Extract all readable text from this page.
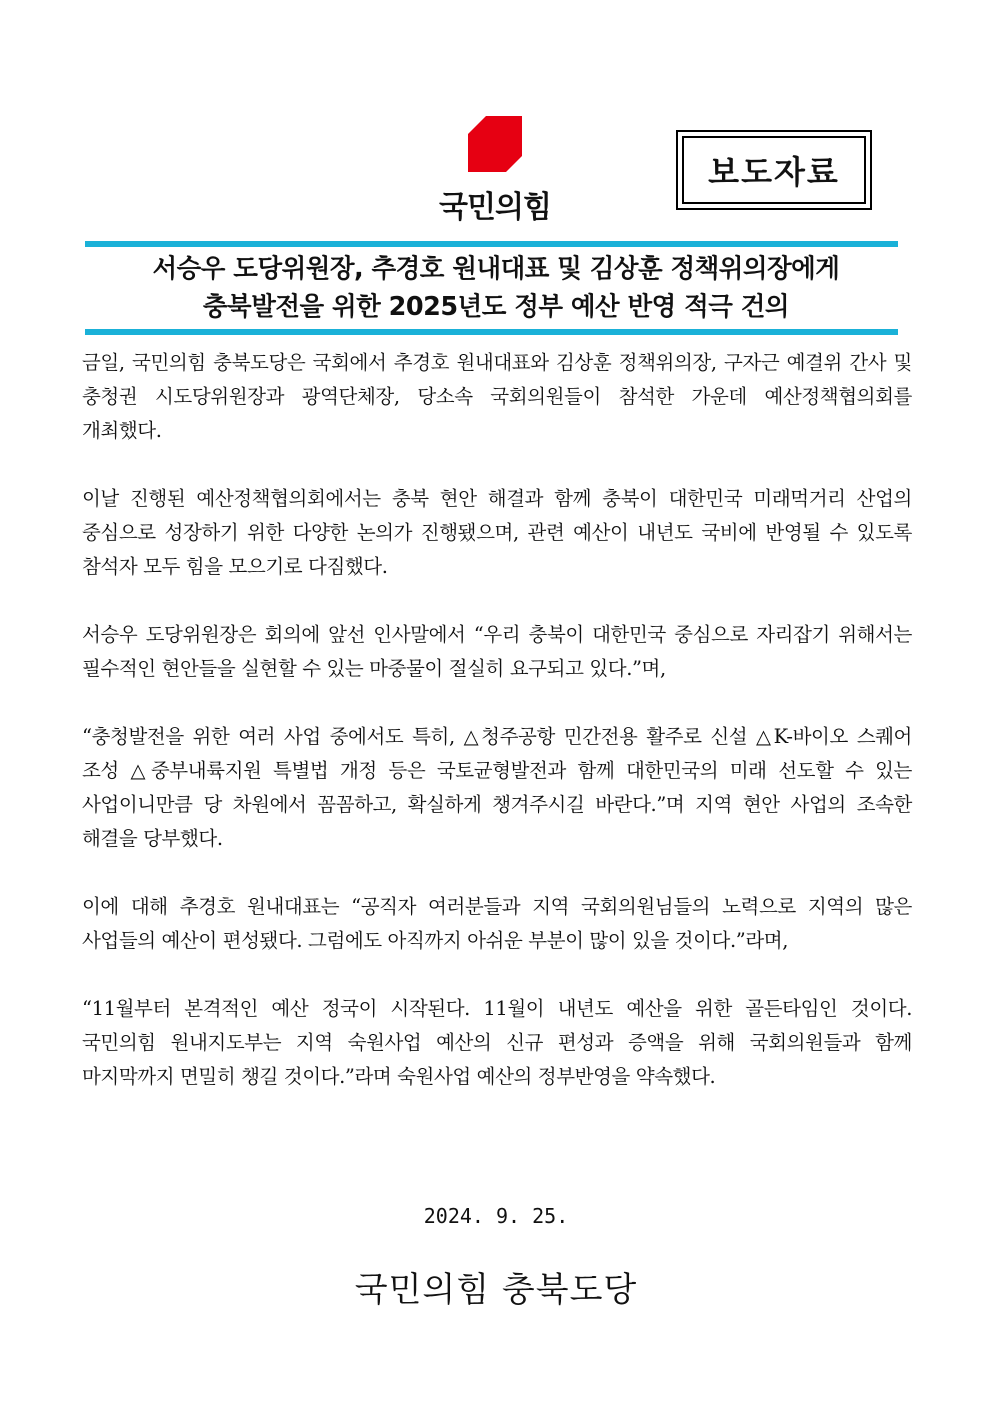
국민의힘
보도자료
서승우 도당위원장, 추경호 원내대표 및 김상훈 정책위의장에게
충북발전을 위한 2025년도 정부 예산 반영 적극 건의

금일, 국민의힘 충북도당은 국회에서 추경호 원내대표와 김상훈 정책위의장, 구자근 예결위 간사 및 충청권 시도당위원장과 광역단체장, 당소속 국회의원들이 참석한 가운데 예산정책협의회를 개최했다.

이날 진행된 예산정책협의회에서는 충북 현안 해결과 함께 충북이 대한민국 미래먹거리 산업의 중심으로 성장하기 위한 다양한 논의가 진행됐으며, 관련 예산이 내년도 국비에 반영될 수 있도록 참석자 모두 힘을 모으기로 다짐했다.

서승우 도당위원장은 회의에 앞선 인사말에서 “우리 충북이 대한민국 중심으로 자리잡기 위해서는 필수적인 현안들을 실현할 수 있는 마중물이 절실히 요구되고 있다.”며,

“충청발전을 위한 여러 사업 중에서도 특히, △청주공항 민간전용 활주로 신설 △K-바이오 스퀘어 조성 △중부내륙지원 특별법 개정 등은 국토균형발전과 함께 대한민국의 미래 선도할 수 있는 사업이니만큼 당 차원에서 꼼꼼하고, 확실하게 챙겨주시길 바란다.”며 지역 현안 사업의 조속한 해결을 당부했다.

이에 대해 추경호 원내대표는 “공직자 여러분들과 지역 국회의원님들의 노력으로 지역의 많은 사업들의 예산이 편성됐다. 그럼에도 아직까지 아쉬운 부분이 많이 있을 것이다.”라며,

“11월부터 본격적인 예산 정국이 시작된다. 11월이 내년도 예산을 위한 골든타임인 것이다. 국민의힘 원내지도부는 지역 숙원사업 예산의 신규 편성과 증액을 위해 국회의원들과 함께 마지막까지 면밀히 챙길 것이다.”라며 숙원사업 예산의 정부반영을 약속했다.

2024. 9. 25.
국민의힘 충북도당
